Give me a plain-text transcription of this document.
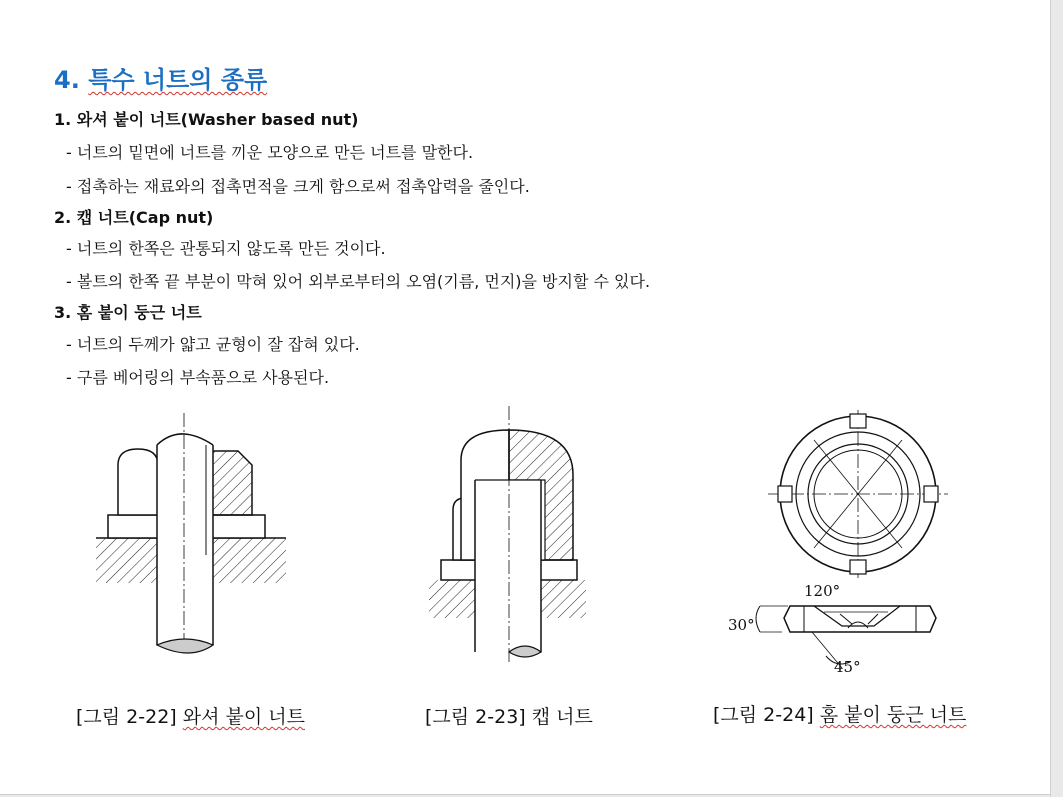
4. 특수 너트의 종류
1. 와셔 붙이 너트(Washer based nut)
- 너트의 밑면에 너트를 끼운 모양으로 만든 너트를 말한다.
- 접촉하는 재료와의 접촉면적을 크게 함으로써 접촉압력을 줄인다.
2. 캡 너트(Cap nut)
- 너트의 한쪽은 관통되지 않도록 만든 것이다.
- 볼트의 한쪽 끝 부분이 막혀 있어 외부로부터의 오염(기름, 먼지)을 방지할 수 있다.
3. 홈 붙이 둥근 너트
- 너트의 두께가 얇고 균형이 잘 잡혀 있다.
- 구름 베어링의 부속품으로 사용된다.
120°
30°
45°
[그림 2-22] 와셔 붙이 너트	[그림 2-23] 캡 너트	[그림 2-24] 홈 붙이 둥근 너트
